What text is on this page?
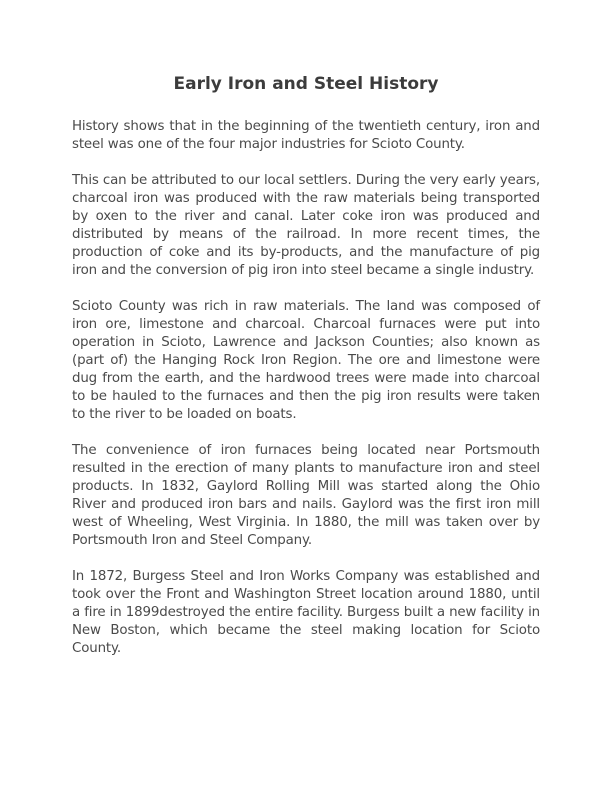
Early Iron and Steel History

History shows that in the beginning of the twentieth century, iron and steel was one of the four major industries for Scioto County.

This can be attributed to our local settlers. During the very early years, charcoal iron was produced with the raw materials being transported by oxen to the river and canal. Later coke iron was produced and distributed by means of the railroad. In more recent times, the production of coke and its by-products, and the manufacture of pig iron and the conversion of pig iron into steel became a single industry.

Scioto County was rich in raw materials. The land was composed of iron ore, limestone and charcoal. Charcoal furnaces were put into operation in Scioto, Lawrence and Jackson Counties; also known as (part of) the Hanging Rock Iron Region. The ore and limestone were dug from the earth, and the hardwood trees were made into charcoal to be hauled to the furnaces and then the pig iron results were taken to the river to be loaded on boats.

The convenience of iron furnaces being located near Portsmouth resulted in the erection of many plants to manufacture iron and steel products. In 1832, Gaylord Rolling Mill was started along the Ohio River and produced iron bars and nails. Gaylord was the first iron mill west of Wheeling, West Virginia. In 1880, the mill was taken over by Portsmouth Iron and Steel Company.

In 1872, Burgess Steel and Iron Works Company was established and took over the Front and Washington Street location around 1880, until a fire in 1899destroyed the entire facility. Burgess built a new facility in New Boston, which became the steel making location for Scioto County.
